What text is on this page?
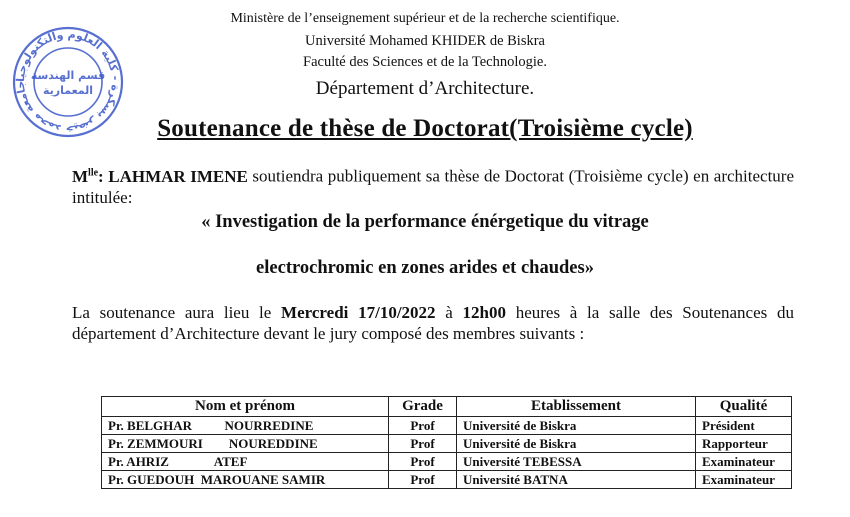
جامعة محمد خيضر بسكرة - كلية العلوم والتكنولوجيا
قسم الهندسة
المعمارية
Ministère de l’enseignement supérieur et de la recherche scientifique.
Université Mohamed KHIDER de Biskra
Faculté des Sciences et de la Technologie.
Département d’Architecture.
Soutenance de thèse de Doctorat(Troisième cycle)
$M^{lle}$: LAHMAR IMENE soutiendra publiquement sa thèse de Doctorat (Troisième cycle) en architecture intitulée:
« Investigation de la performance énérgetique du vitrage
electrochromic en zones arides et chaudes»
La soutenance aura lieu le Mercredi 17/10/2022 à 12h00 heures à la salle des Soutenances du département d’Architecture devant le jury composé des membres suivants :
Nom et prénom	Grade	Etablissement	Qualité
Pr. BELGHAR          NOURREDINE	Prof	Université de Biskra	Président
Pr. ZEMMOURI        NOUREDDINE	Prof	Université de Biskra	Rapporteur
Pr. AHRIZ              ATEF	Prof	Université TEBESSA	Examinateur
Pr. GUEDOUH  MAROUANE SAMIR	Prof	Université BATNA	Examinateur
